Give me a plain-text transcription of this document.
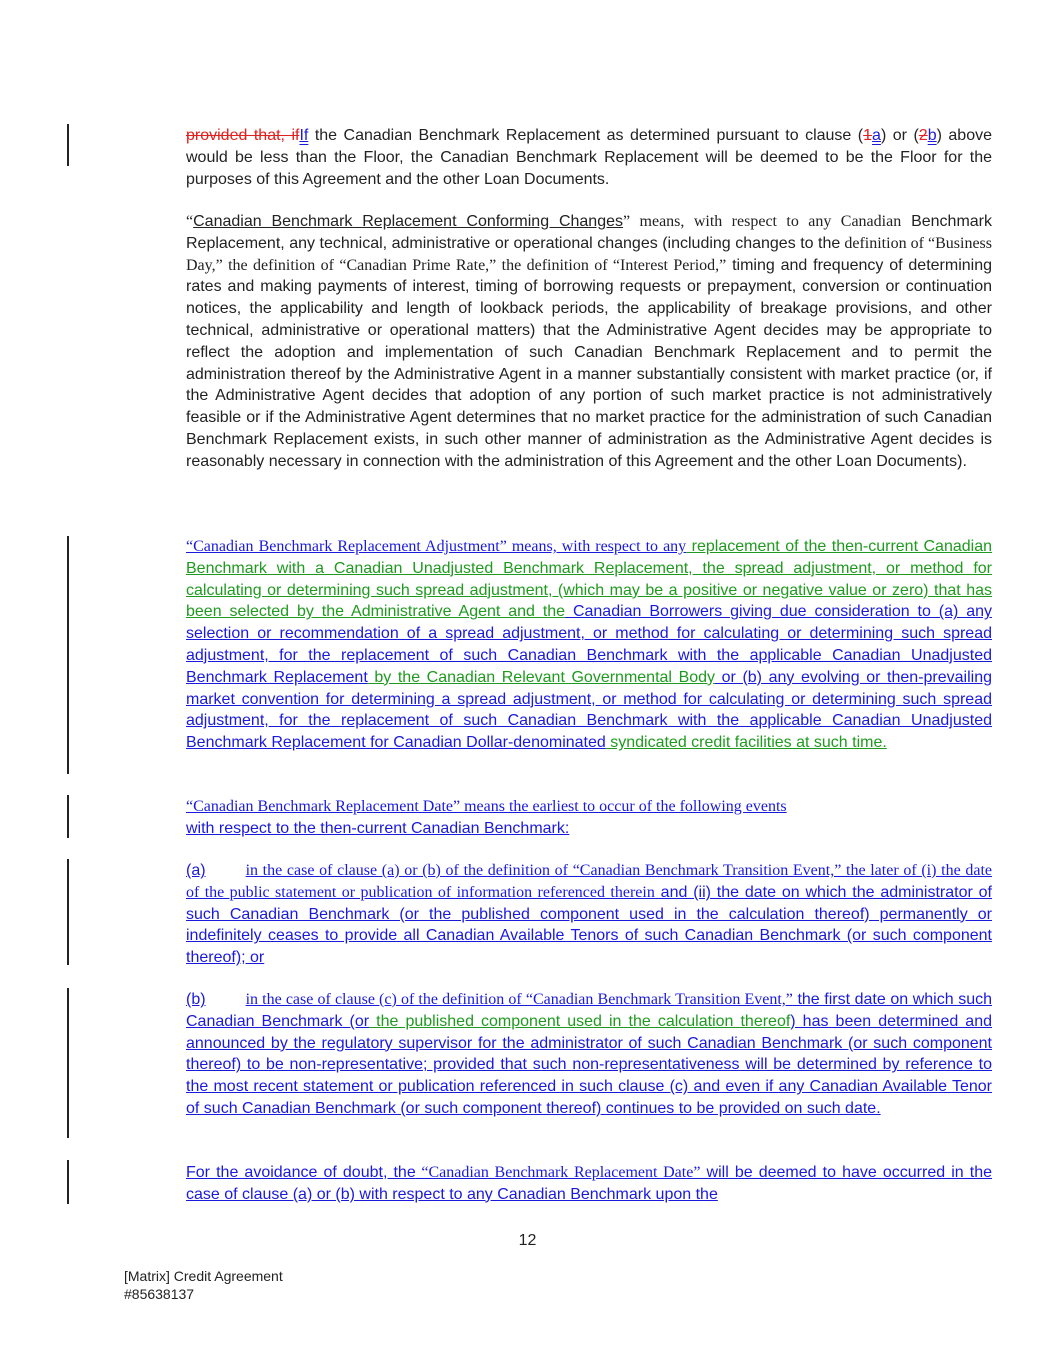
provided that, ifIf the Canadian Benchmark Replacement as determined pursuant to clause (1a) or (2b) above would be less than the Floor, the Canadian Benchmark Replacement will be deemed to be the Floor for the purposes of this Agreement and the other Loan Documents.
“Canadian Benchmark Replacement Conforming Changes” means, with respect to any Canadian Benchmark Replacement, any technical, administrative or operational changes (including changes to the definition of “Business Day,” the definition of “Canadian Prime Rate,” the definition of “Interest Period,” timing and frequency of determining rates and making payments of interest, timing of borrowing requests or prepayment, conversion or continuation notices, the applicability and length of lookback periods, the applicability of breakage provisions, and other technical, administrative or operational matters) that the Administrative Agent decides may be appropriate to reflect the adoption and implementation of such Canadian Benchmark Replacement and to permit the administration thereof by the Administrative Agent in a manner substantially consistent with market practice (or, if the Administrative Agent decides that adoption of any portion of such market practice is not administratively feasible or if the Administrative Agent determines that no market practice for the administration of such Canadian Benchmark Replacement exists, in such other manner of administration as the Administrative Agent decides is reasonably necessary in connection with the administration of this Agreement and the other Loan Documents).
“Canadian Benchmark Replacement Adjustment” means, with respect to any replacement of the then-current Canadian Benchmark with a Canadian Unadjusted Benchmark Replacement, the spread adjustment, or method for calculating or determining such spread adjustment, (which may be a positive or negative value or zero) that has been selected by the Administrative Agent and the Canadian Borrowers giving due consideration to (a) any selection or recommendation of a spread adjustment, or method for calculating or determining such spread adjustment, for the replacement of such Canadian Benchmark with the applicable Canadian Unadjusted Benchmark Replacement by the Canadian Relevant Governmental Body or (b) any evolving or then-prevailing market convention for determining a spread adjustment, or method for calculating or determining such spread adjustment, for the replacement of such Canadian Benchmark with the applicable Canadian Unadjusted Benchmark Replacement for Canadian Dollar-denominated syndicated credit facilities at such time.
“Canadian Benchmark Replacement Date” means the earliest to occur of the following events
with respect to the then-current Canadian Benchmark:
(a)	in the case of clause (a) or (b) of the definition of “Canadian Benchmark Transition Event,” the later of (i) the date of the public statement or publication of information referenced therein and (ii) the date on which the administrator of such Canadian Benchmark (or the published component used in the calculation thereof) permanently or indefinitely ceases to provide all Canadian Available Tenors of such Canadian Benchmark (or such component thereof); or
(b)	in the case of clause (c) of the definition of “Canadian Benchmark Transition Event,” the first date on which such Canadian Benchmark (or the published component used in the calculation thereof) has been determined and announced by the regulatory supervisor for the administrator of such Canadian Benchmark (or such component thereof) to be non-representative; provided that such non-representativeness will be determined by reference to the most recent statement or publication referenced in such clause (c) and even if any Canadian Available Tenor of such Canadian Benchmark (or such component thereof) continues to be provided on such date.
For the avoidance of doubt, the “Canadian Benchmark Replacement Date” will be deemed to have occurred in the case of clause (a) or (b) with respect to any Canadian Benchmark upon the
12
[Matrix] Credit Agreement
#85638137
